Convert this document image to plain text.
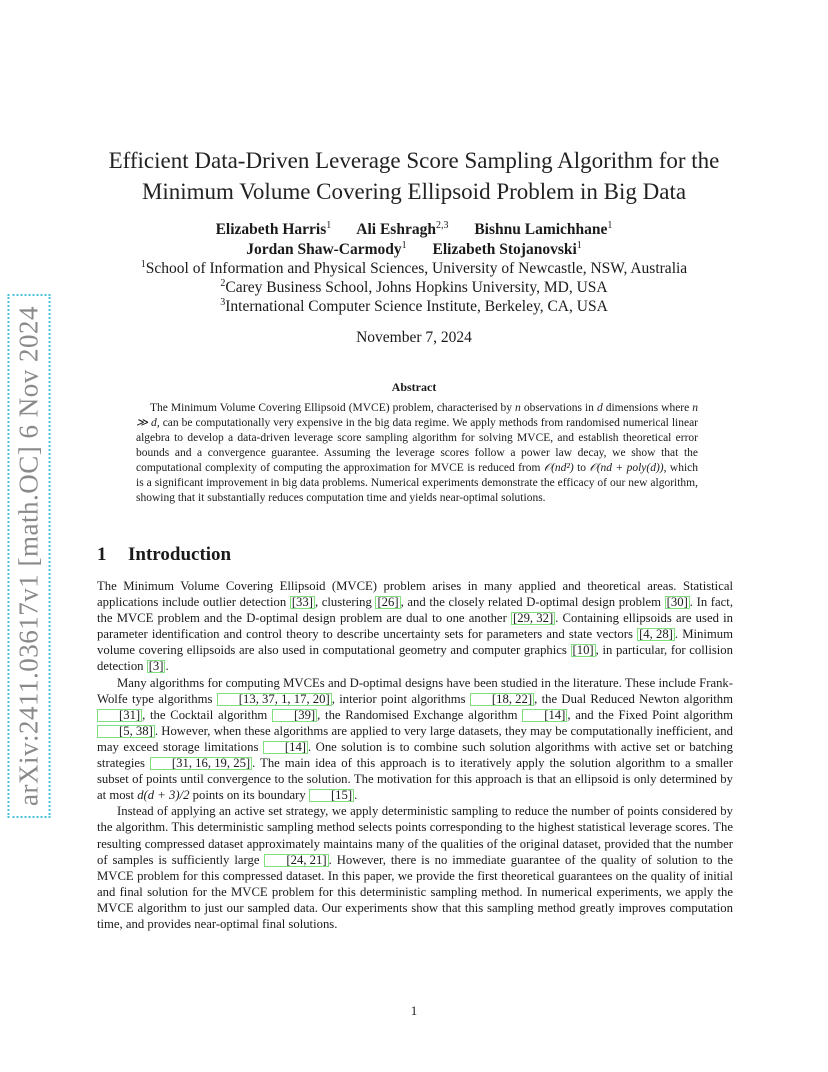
arXiv:2411.03617v1 [math.OC] 6 Nov 2024
Efficient Data-Driven Leverage Score Sampling Algorithm for the
Minimum Volume Covering Ellipsoid Problem in Big Data
Elizabeth Harris$^1$ Ali Eshragh$^{2,3}$ Bishnu Lamichhane$^1$
Jordan Shaw-Carmody$^1$ Elizabeth Stojanovski$^1$
$^1$School of Information and Physical Sciences, University of Newcastle, NSW, Australia
$^2$Carey Business School, Johns Hopkins University, MD, USA
$^3$International Computer Science Institute, Berkeley, CA, USA
November 7, 2024
Abstract
The Minimum Volume Covering Ellipsoid (MVCE) problem, characterised by n observations in d dimensions where n ≫ d, can be computationally very expensive in the big data regime. We apply methods from randomised numerical linear algebra to develop a data-driven leverage score sampling algorithm for solving MVCE, and establish theoretical error bounds and a convergence guarantee. Assuming the leverage scores follow a power law decay, we show that the computational complexity of computing the approximation for MVCE is reduced from 𝒪(nd²) to 𝒪(nd + poly(d)), which is a significant improvement in big data problems. Numerical experiments demonstrate the efficacy of our new algorithm, showing that it substantially reduces computation time and yields near-optimal solutions.
1 Introduction

The Minimum Volume Covering Ellipsoid (MVCE) problem arises in many applied and theoretical areas. Statistical applications include outlier detection [33] , clustering [26] , and the closely related D-optimal design problem [30] . In fact, the MVCE problem and the D-optimal design problem are dual to one another [29, 32] . Containing ellipsoids are used in parameter identification and control theory to describe uncertainty sets for parameters and state vectors [4, 28] . Minimum volume covering ellipsoids are also used in computational geometry and computer graphics [10] , in particular, for collision detection [3] .

Many algorithms for computing MVCEs and D-optimal designs have been studied in the literature. These include Frank-Wolfe type algorithms [13, 37, 1, 17, 20] , interior point algorithms [18, 22] , the Dual Reduced Newton algorithm [31] , the Cocktail algorithm [39] , the Randomised Exchange algorithm [14] , and the Fixed Point algorithm [5, 38] . However, when these algorithms are applied to very large datasets, they may be computationally inefficient, and may exceed storage limitations [14] . One solution is to combine such solution algorithms with active set or batching strategies [31, 16, 19, 25] . The main idea of this approach is to iteratively apply the solution algorithm to a smaller subset of points until convergence to the solution. The motivation for this approach is that an ellipsoid is only determined by at most d(d + 3)/2 points on its boundary [15] .

Instead of applying an active set strategy, we apply deterministic sampling to reduce the number of points considered by the algorithm. This deterministic sampling method selects points corresponding to the highest statistical leverage scores. The resulting compressed dataset approximately maintains many of the qualities of the original dataset, provided that the number of samples is sufficiently large [24, 21] . However, there is no immediate guarantee of the quality of solution to the MVCE problem for this compressed dataset. In this paper, we provide the first theoretical guarantees on the quality of initial and final solution for the MVCE problem for this deterministic sampling method. In numerical experiments, we apply the MVCE algorithm to just our sampled data. Our experiments show that this sampling method greatly improves computation time, and provides near-optimal final solutions.

1
